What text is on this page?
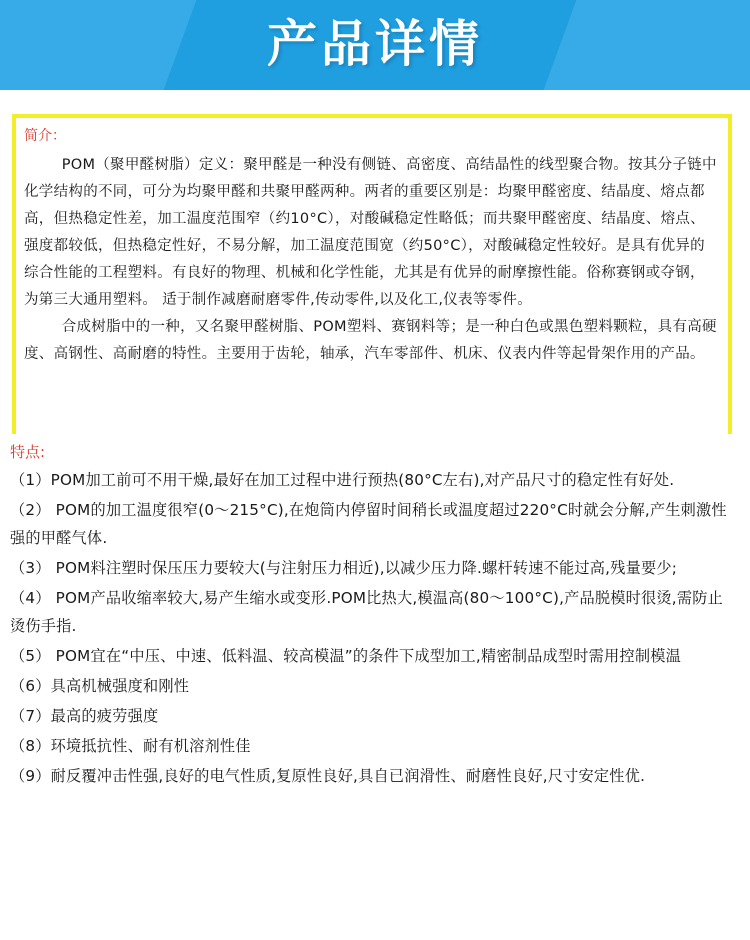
产品详情
简介：

POM（聚甲醛树脂）定义：聚甲醛是一种没有侧链、高密度、高结晶性的线型聚合物。按其分子链中化学结构的不同，可分为均聚甲醛和共聚甲醛两种。两者的重要区别是：均聚甲醛密度、结晶度、熔点都高，但热稳定性差，加工温度范围窄（约10°C），对酸碱稳定性略低；而共聚甲醛密度、结晶度、熔点、强度都较低，但热稳定性好，不易分解，加工温度范围宽（约50°C），对酸碱稳定性较好。是具有优异的综合性能的工程塑料。有良好的物理、机械和化学性能，尤其是有优异的耐摩擦性能。俗称赛钢或夺钢，为第三大通用塑料。 适于制作减磨耐磨零件,传动零件,以及化工,仪表等零件。

合成树脂中的一种，又名聚甲醛树脂、POM塑料、赛钢料等；是一种白色或黑色塑料颗粒，具有高硬度、高钢性、高耐磨的特性。主要用于齿轮，轴承，汽车零部件、机床、仪表内件等起骨架作用的产品。

特点:

（1）POM加工前可不用干燥,最好在加工过程中进行预热(80°C左右),对产品尺寸的稳定性有好处.

（2） POM的加工温度很窄(0～215°C),在炮筒内停留时间稍长或温度超过220°C时就会分解,产生刺激性强的甲醛气体.

（3） POM料注塑时保压压力要较大(与注射压力相近),以减少压力降.螺杆转速不能过高,残量要少;

（4） POM产品收缩率较大,易产生缩水或变形.POM比热大,模温高(80～100°C),产品脱模时很烫,需防止烫伤手指.

（5） POM宜在“中压、中速、低料温、较高模温”的条件下成型加工,精密制品成型时需用控制模温

（6）具高机械强度和刚性

（7）最高的疲劳强度

（8）环境抵抗性、耐有机溶剂性佳

（9）耐反覆冲击性强,良好的电气性质,复原性良好,具自已润滑性、耐磨性良好,尺寸安定性优.
